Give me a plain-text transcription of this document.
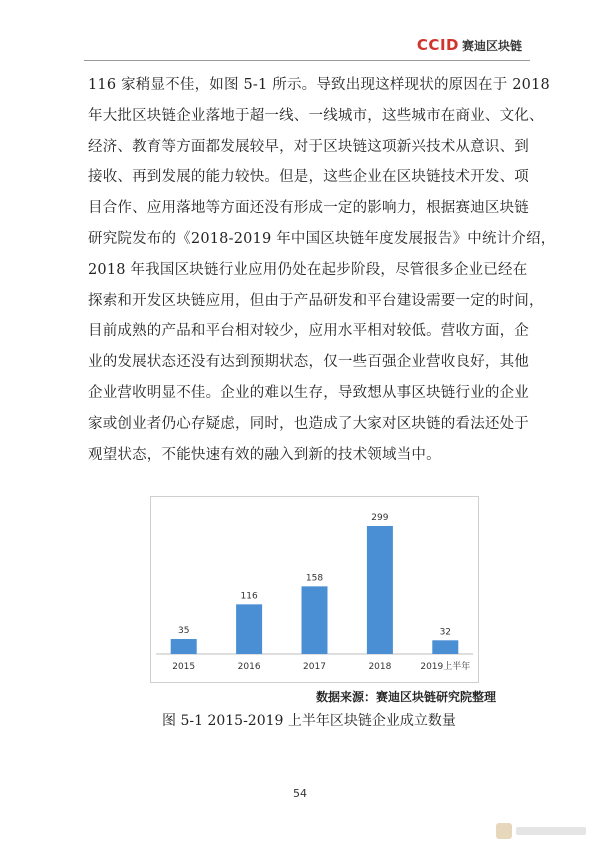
CCID 赛迪区块链
116 家稍显不佳，如图 5-1 所示。导致出现这样现状的原因在于 2018
年大批区块链企业落地于超一线、一线城市，这些城市在商业、文化、
经济、教育等方面都发展较早，对于区块链这项新兴技术从意识、到
接收、再到发展的能力较快。但是，这些企业在区块链技术开发、项
目合作、应用落地等方面还没有形成一定的影响力，根据赛迪区块链
研究院发布的《2018-2019 年中国区块链年度发展报告》中统计介绍，
2018 年我国区块链行业应用仍处在起步阶段，尽管很多企业已经在
探索和开发区块链应用，但由于产品研发和平台建设需要一定的时间，
目前成熟的产品和平台相对较少，应用水平相对较低。营收方面，企
业的发展状态还没有达到预期状态，仅一些百强企业营收良好，其他
企业营收明显不佳。企业的难以生存，导致想从事区块链行业的企业
家或创业者仍心存疑虑，同时，也造成了大家对区块链的看法还处于
观望状态，不能快速有效的融入到新的技术领域当中。
35
2015
116
2016
158
2017
299
2018
32
2019上半年
数据来源：赛迪区块链研究院整理
图 5-1 2015-2019 上半年区块链企业成立数量
54
